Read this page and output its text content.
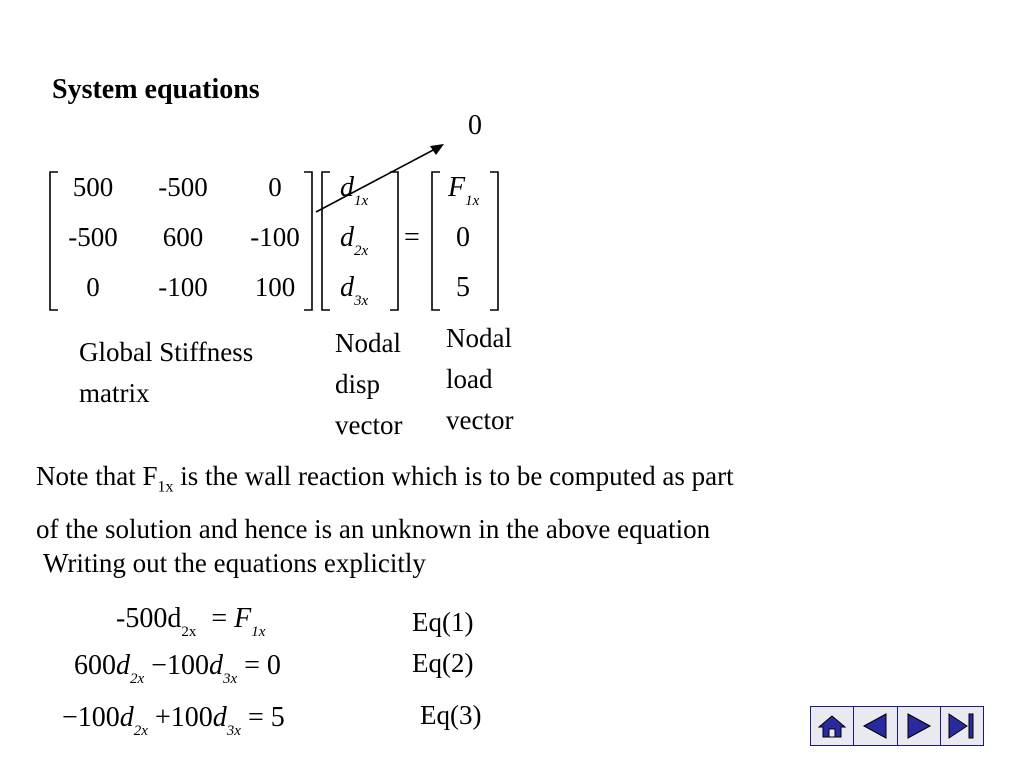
System equations
0
500	-500	0
-500	600	-100
0	-100	100
$d_{1x}$
$d_{2x}$
$d_{3x}$
=
$F_{1x}$
0
5
Global Stiffness
matrix
Nodal
disp
vector
Nodal
load
vector
Note that $F_{1x}$ is the wall reaction which is to be computed as part
of the solution and hence is an unknown in the above equation
Writing out the equations explicitly
$-500d_{2x} = F_{1x}$	Eq(1)
$600d_{2x} -100d_{3x} = 0$	Eq(2)
$-100d_{2x} +100d_{3x} = 5$	Eq(3)
